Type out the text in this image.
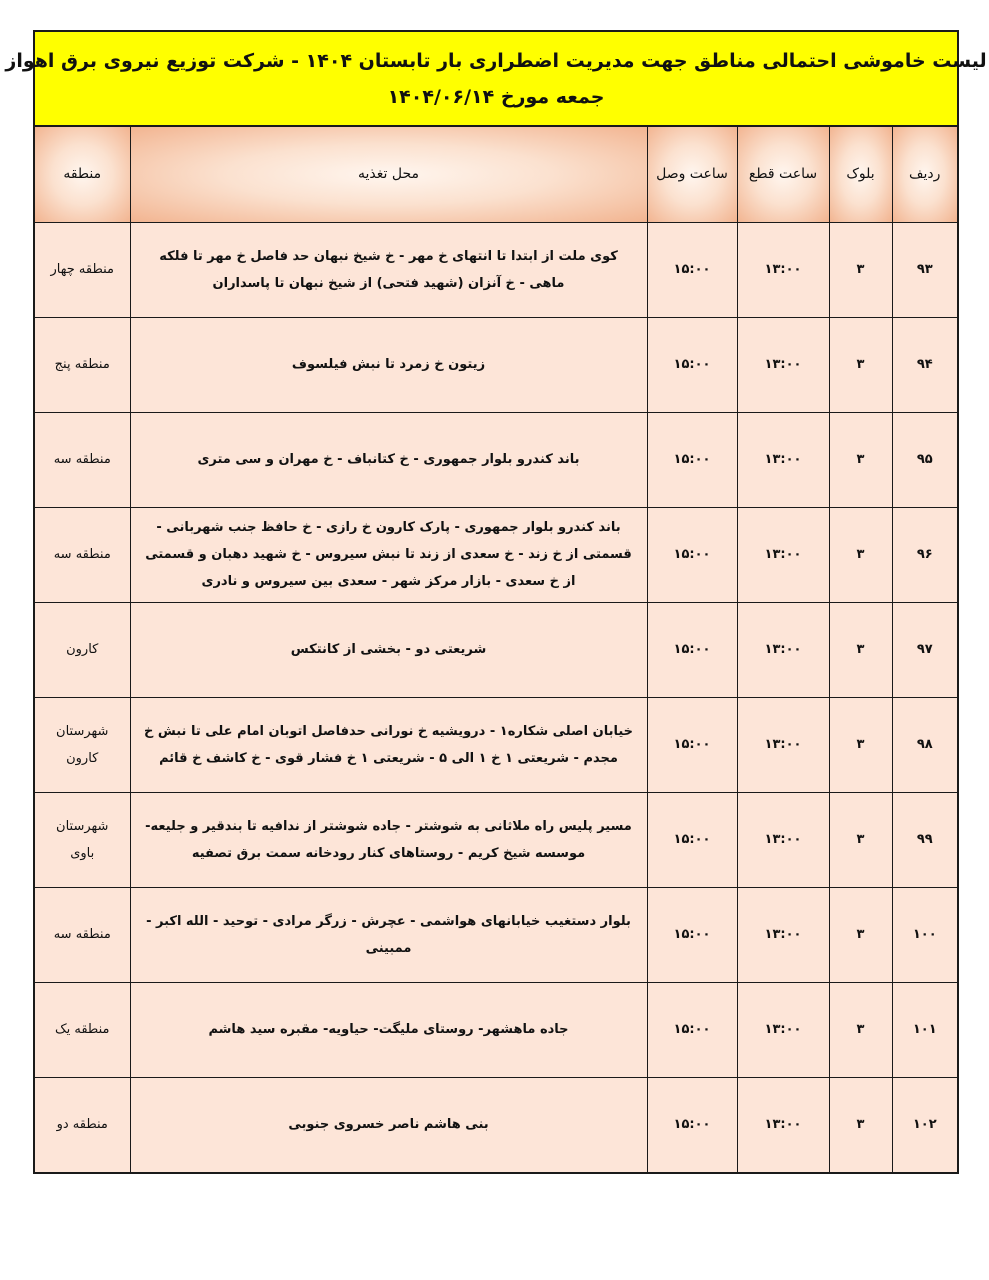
لیست خاموشی احتمالی مناطق جهت مدیریت اضطراری بار تابستان ۱۴۰۴ - شرکت توزیع نیروی برق اهواز
جمعه مورخ ۱۴۰۴/۰۶/۱۴
ردیف	بلوک	ساعت قطع	ساعت وصل	محل تغذیه	منطقه
۹۳	۳	۱۳:۰۰	۱۵:۰۰	کوی ملت از ابتدا تا انتهای خ مهر - خ شیخ نبهان حد فاصل خ مهر تا فلکه ماهی - خ آنزان (شهید فتحی) از شیخ نبهان تا پاسداران	منطقه چهار
۹۴	۳	۱۳:۰۰	۱۵:۰۰	زیتون خ زمرد تا نبش فیلسوف	منطقه پنج
۹۵	۳	۱۳:۰۰	۱۵:۰۰	باند کندرو بلوار جمهوری - خ کتانباف - خ مهران و سی متری	منطقه سه
۹۶	۳	۱۳:۰۰	۱۵:۰۰	باند کندرو بلوار جمهوری - پارک کارون خ رازی - خ حافظ جنب شهربانی - قسمتی از خ زند - خ سعدی از زند تا نبش سیروس - خ شهید دهبان و قسمتی از خ سعدی - بازار مرکز شهر - سعدی بین سیروس و نادری	منطقه سه
۹۷	۳	۱۳:۰۰	۱۵:۰۰	شریعتی دو - بخشی از کانتکس	کارون
۹۸	۳	۱۳:۰۰	۱۵:۰۰	خیابان اصلی شکاره۱ - درویشیه خ نورانی حدفاصل اتوبان امام علی تا نبش خ مجدم - شریعتی ۱ خ ۱ الی ۵ - شریعتی ۱ خ فشار قوی - خ کاشف خ قائم	شهرستان کارون
۹۹	۳	۱۳:۰۰	۱۵:۰۰	مسیر پلیس راه ملاثانی به شوشتر - جاده شوشتر از ندافیه تا بندقیر و جلیعه- موسسه شیخ کریم - روستاهای کنار رودخانه سمت برق تصفیه	شهرستان باوی
۱۰۰	۳	۱۳:۰۰	۱۵:۰۰	بلوار دستغیب خیابانهای هواشمی - عچرش - زرگر مرادی - توحید - الله اکبر - ممبینی	منطقه سه
۱۰۱	۳	۱۳:۰۰	۱۵:۰۰	جاده ماهشهر- روستای ملیگت- حیاویه- مقبره سید هاشم	منطقه یک
۱۰۲	۳	۱۳:۰۰	۱۵:۰۰	بنی هاشم ناصر خسروی جنوبی	منطقه دو
